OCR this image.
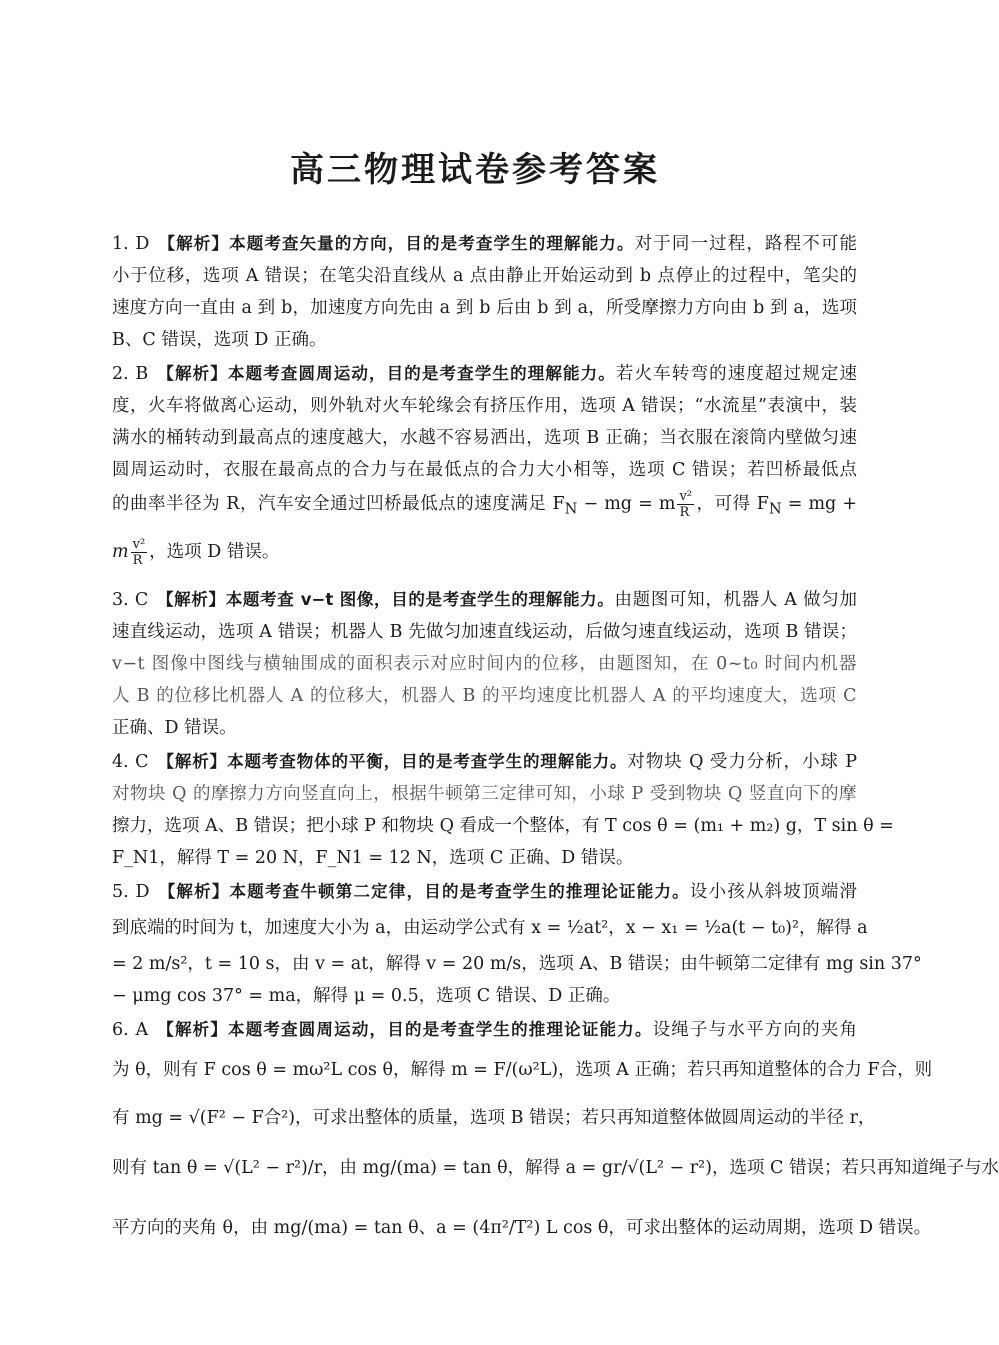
高三物理试卷参考答案
1. D 【解析】本题考查矢量的方向，目的是考查学生的理解能力。对于同一过程，路程不可能
小于位移，选项 A 错误；在笔尖沿直线从 a 点由静止开始运动到 b 点停止的过程中，笔尖的
速度方向一直由 a 到 b，加速度方向先由 a 到 b 后由 b 到 a，所受摩擦力方向由 b 到 a，选项
B、C 错误，选项 D 正确。
2. B 【解析】本题考查圆周运动，目的是考查学生的理解能力。若火车转弯的速度超过规定速
度，火车将做离心运动，则外轨对火车轮缘会有挤压作用，选项 A 错误；“水流星”表演中，装
满水的桶转动到最高点的速度越大，水越不容易洒出，选项 B 正确；当衣服在滚筒内壁做匀速
圆周运动时，衣服在最高点的合力与在最低点的合力大小相等，选项 C 错误；若凹桥最低点
的曲率半径为 R，汽车安全通过凹桥最低点的速度满足 $F_N$ − mg = m $\frac{\text{v²}}{R}$ ，可得 $F_N$ = mg +
m $\frac{\text{v²}}{R}$ ，选项 D 错误。
3. C 【解析】本题考查 v−t 图像，目的是考查学生的理解能力。由题图可知，机器人 A 做匀加
速直线运动，选项 A 错误；机器人 B 先做匀加速直线运动，后做匀速直线运动，选项 B 错误；
v−t 图像中图线与横轴围成的面积表示对应时间内的位移，由题图知，在 0~t₀ 时间内机器
人 B 的位移比机器人 A 的位移大，机器人 B 的平均速度比机器人 A 的平均速度大，选项 C
正确、D 错误。
4. C 【解析】本题考查物体的平衡，目的是考查学生的理解能力。对物块 Q 受力分析，小球 P
对物块 Q 的摩擦力方向竖直向上，根据牛顿第三定律可知，小球 P 受到物块 Q 竖直向下的摩
擦力，选项 A、B 错误；把小球 P 和物块 Q 看成一个整体，有 T cos θ = (m₁ + m₂) g，T sin θ =
F_N1，解得 T = 20 N，F_N1 = 12 N，选项 C 正确、D 错误。
5. D 【解析】本题考查牛顿第二定律，目的是考查学生的推理论证能力。设小孩从斜坡顶端滑
到底端的时间为 t，加速度大小为 a，由运动学公式有 x = ½at²，x − x₁ = ½a(t − t₀)²，解得 a
= 2 m/s²，t = 10 s，由 v = at，解得 v = 20 m/s，选项 A、B 错误；由牛顿第二定律有 mg sin 37°
− μmg cos 37° = ma，解得 μ = 0.5，选项 C 错误、D 正确。
6. A 【解析】本题考查圆周运动，目的是考查学生的推理论证能力。设绳子与水平方向的夹角
为 θ，则有 F cos θ = mω²L cos θ，解得 m = F/(ω²L)，选项 A 正确；若只再知道整体的合力 F合，则
有 mg = √(F² − F合²)，可求出整体的质量，选项 B 错误；若只再知道整体做圆周运动的半径 r，
则有 tan θ = √(L² − r²)/r，由 mg/(ma) = tan θ，解得 a = gr/√(L² − r²)，选项 C 错误；若只再知道绳子与水
平方向的夹角 θ，由 mg/(ma) = tan θ、a = (4π²/T²) L cos θ，可求出整体的运动周期，选项 D 错误。
